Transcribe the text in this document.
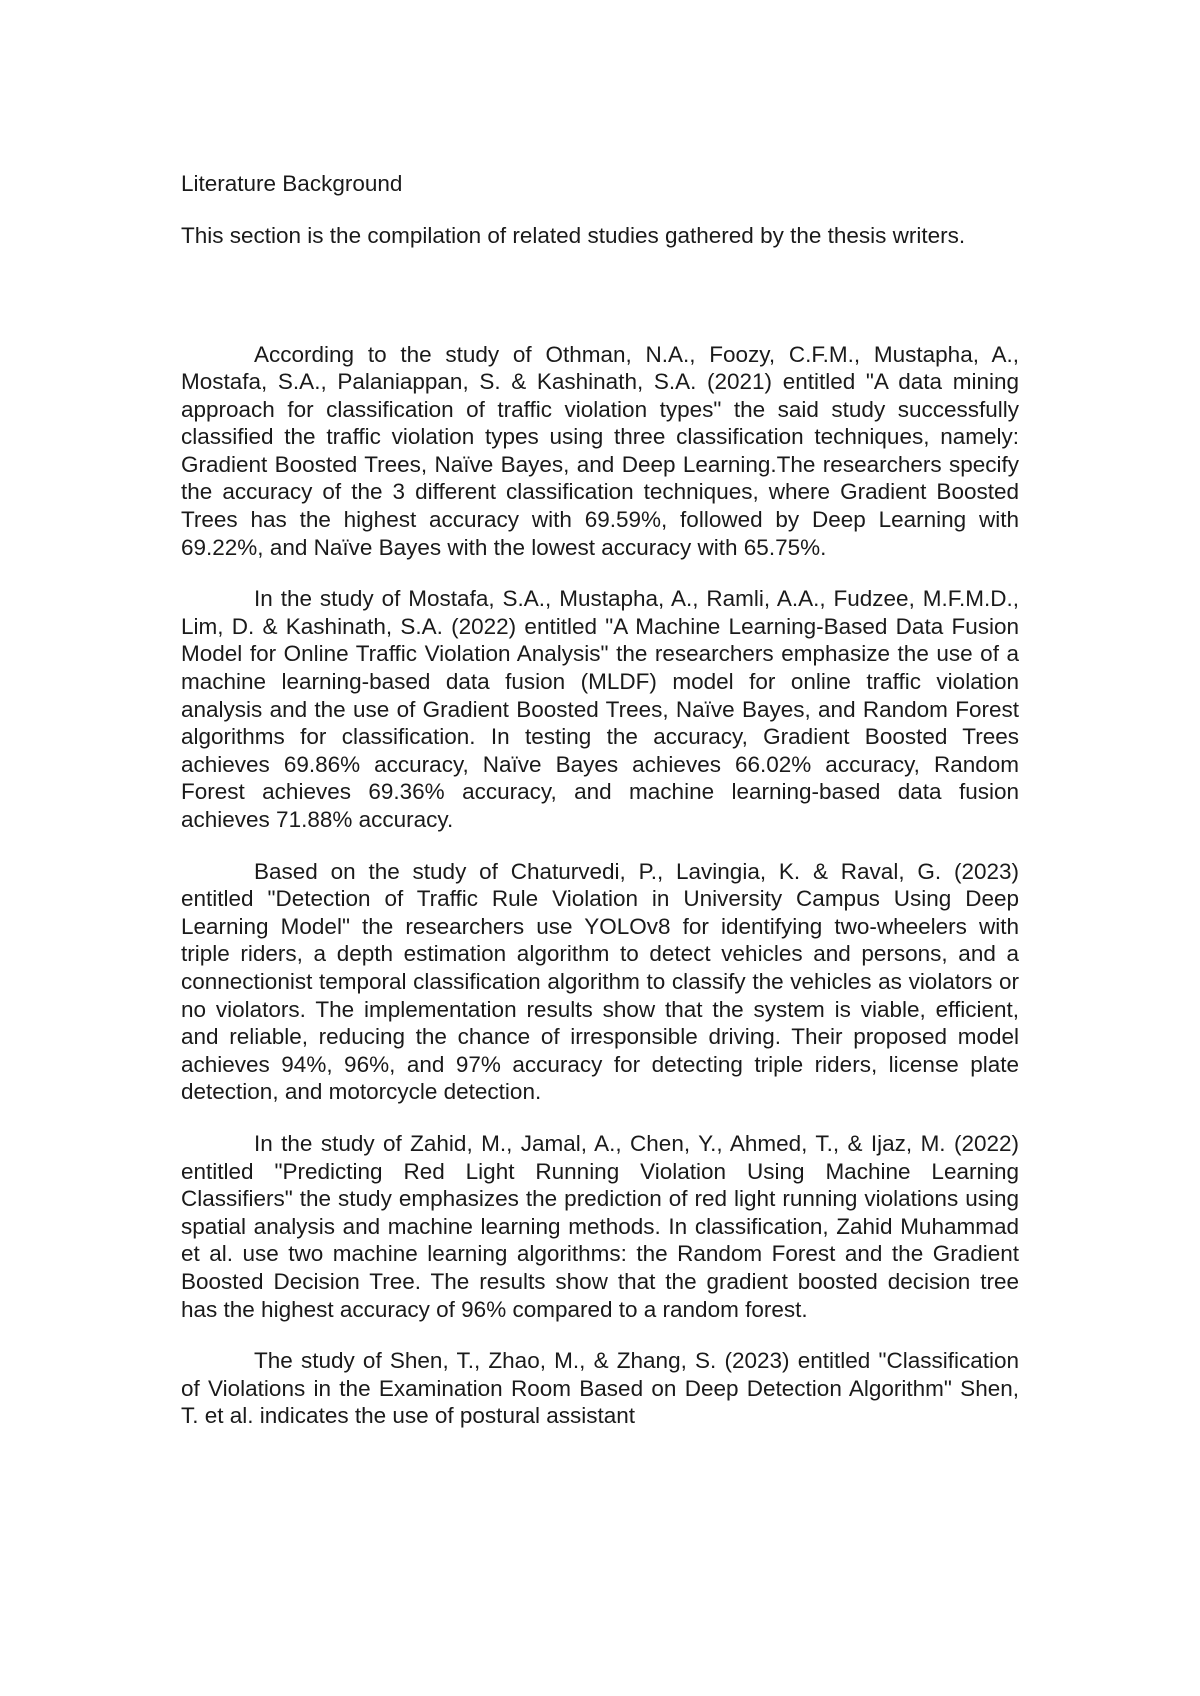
Literature Background
This section is the compilation of related studies gathered by the thesis writers.

According to the study of Othman, N.A., Foozy, C.F.M., Mustapha, A., Mostafa, S.A., Palaniappan, S. & Kashinath, S.A. (2021) entitled "A data mining approach for classification of traffic violation types" the said study successfully classified the traffic violation types using three classification techniques, namely: Gradient Boosted Trees, Naïve Bayes, and Deep Learning.The researchers specify the accuracy of the 3 different classification techniques, where Gradient Boosted Trees has the highest accuracy with 69.59%, followed by Deep Learning with 69.22%, and Naïve Bayes with the lowest accuracy with 65.75%.

In the study of Mostafa, S.A., Mustapha, A., Ramli, A.A., Fudzee, M.F.M.D., Lim, D. & Kashinath, S.A. (2022) entitled "A Machine Learning-Based Data Fusion Model for Online Traffic Violation Analysis" the researchers emphasize the use of a machine learning-based data fusion (MLDF) model for online traffic violation analysis and the use of Gradient Boosted Trees, Naïve Bayes, and Random Forest algorithms for classification. In testing the accuracy, Gradient Boosted Trees achieves 69.86% accuracy, Naïve Bayes achieves 66.02% accuracy, Random Forest achieves 69.36% accuracy, and machine learning-based data fusion achieves 71.88% accuracy.

Based on the study of Chaturvedi, P., Lavingia, K. & Raval, G. (2023) entitled "Detection of Traffic Rule Violation in University Campus Using Deep Learning Model" the researchers use YOLOv8 for identifying two-wheelers with triple riders, a depth estimation algorithm to detect vehicles and persons, and a connectionist temporal classification algorithm to classify the vehicles as violators or no violators. The implementation results show that the system is viable, efficient, and reliable, reducing the chance of irresponsible driving. Their proposed model achieves 94%, 96%, and 97% accuracy for detecting triple riders, license plate detection, and motorcycle detection.

In the study of Zahid, M., Jamal, A., Chen, Y., Ahmed, T., & Ijaz, M. (2022) entitled "Predicting Red Light Running Violation Using Machine Learning Classifiers" the study emphasizes the prediction of red light running violations using spatial analysis and machine learning methods. In classification, Zahid Muhammad et al. use two machine learning algorithms: the Random Forest and the Gradient Boosted Decision Tree. The results show that the gradient boosted decision tree has the highest accuracy of 96% compared to a random forest.

The study of Shen, T., Zhao, M., & Zhang, S. (2023) entitled "Classification of Violations in the Examination Room Based on Deep Detection Algorithm" Shen, T. et al. indicates the use of postural assistant
